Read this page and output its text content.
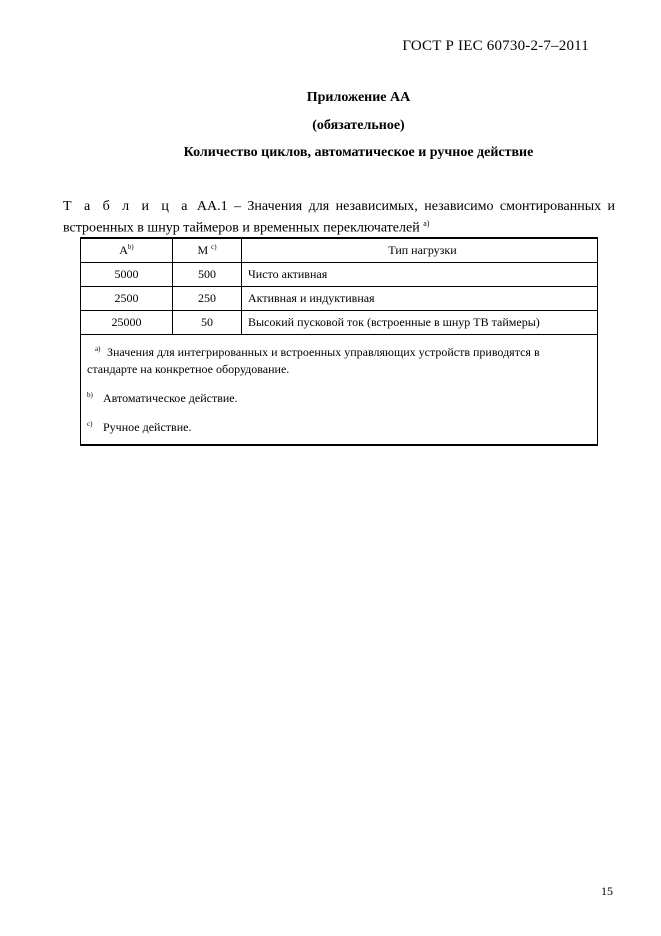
ГОСТ Р IEC 60730-2-7–2011
Приложение АА
(обязательное)
Количество циклов, автоматическое и ручное действие
Т а б л и ц а АА.1 – Значения для независимых, независимо смонтированных и встроенных в шнур таймеров и временных переключателей $^{a)}$
$A^{b)}$	M $^{c)}$	Тип нагрузки
5000	500	Чисто активная
2500	250	Активная и индуктивная
25000	50	Высокий пусковой ток (встроенные в шнур ТВ таймеры)

a) Значения для интегрированных и встроенных управляющих устройств приводятся в стандарте на конкретное оборудование.
b) Автоматическое действие.
c) Ручное действие.		
15
